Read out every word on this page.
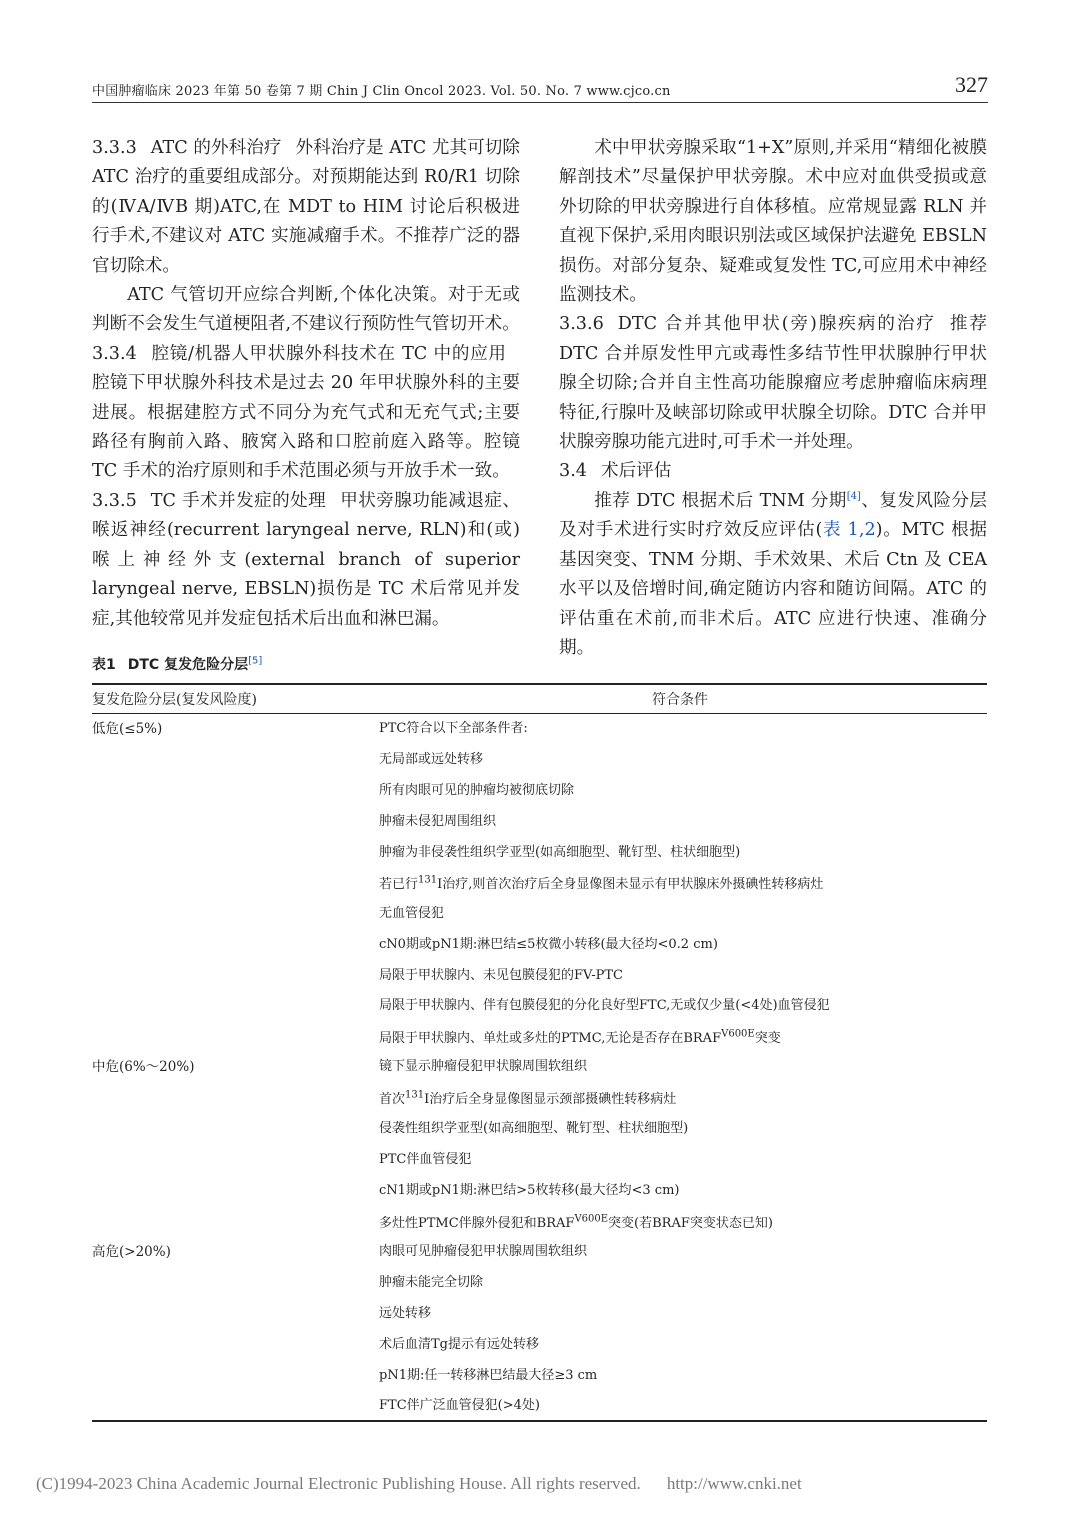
中国肿瘤临床 2023 年第 50 卷第 7 期 Chin J Clin Oncol 2023. Vol. 50. No. 7 www.cjco.cn	327

3.3.3 ATC 的外科治疗 外科治疗是 ATC 尤其可切除 ATC 治疗的重要组成部分。对预期能达到 R0/R1 切除的(ⅣA/ⅣB 期)ATC,在 MDT to HIM 讨论后积极进行手术,不建议对 ATC 实施减瘤手术。不推荐广泛的器官切除术。

ATC 气管切开应综合判断,个体化决策。对于无或判断不会发生气道梗阻者,不建议行预防性气管切开术。

3.3.4 腔镜/机器人甲状腺外科技术在 TC 中的应用腔镜下甲状腺外科技术是过去 20 年甲状腺外科的主要进展。根据建腔方式不同分为充气式和无充气式;主要路径有胸前入路、腋窝入路和口腔前庭入路等。腔镜 TC 手术的治疗原则和手术范围必须与开放手术一致。

3.3.5 TC 手术并发症的处理 甲状旁腺功能减退症、喉返神经(recurrent laryngeal nerve, RLN)和(或)喉上神经外支(external branch of superior laryngeal nerve, EBSLN)损伤是 TC 术后常见并发症,其他较常见并发症包括术后出血和淋巴漏。

术中甲状旁腺采取“1+X”原则,并采用“精细化被膜解剖技术”尽量保护甲状旁腺。术中应对血供受损或意外切除的甲状旁腺进行自体移植。应常规显露 RLN 并直视下保护,采用肉眼识别法或区域保护法避免 EBSLN 损伤。对部分复杂、疑难或复发性 TC,可应用术中神经监测技术。

3.3.6 DTC 合并其他甲状(旁)腺疾病的治疗 推荐 DTC 合并原发性甲亢或毒性多结节性甲状腺肿行甲状腺全切除;合并自主性高功能腺瘤应考虑肿瘤临床病理特征,行腺叶及峡部切除或甲状腺全切除。DTC 合并甲状腺旁腺功能亢进时,可手术一并处理。

3.4 术后评估

推荐 DTC 根据术后 TNM 分期[4]、复发风险分层及对手术进行实时疗效反应评估(表 1,2)。MTC 根据基因突变、TNM 分期、手术效果、术后 Ctn 及 CEA 水平以及倍增时间,确定随访内容和随访间隔。ATC 的评估重在术前,而非术后。ATC 应进行快速、准确分期。

表1 DTC 复发危险分层[5]
复发危险分层(复发风险度)	符合条件
低危(≤5%)
中危(6%～20%)
高危(>20%)
PTC符合以下全部条件者:
无局部或远处转移
所有肉眼可见的肿瘤均被彻底切除
肿瘤未侵犯周围组织
肿瘤为非侵袭性组织学亚型(如高细胞型、靴钉型、柱状细胞型)
若已行$^{131}$I治疗,则首次治疗后全身显像图未显示有甲状腺床外摄碘性转移病灶
无血管侵犯
cN0期或pN1期:淋巴结≤5枚微小转移(最大径均<0.2 cm)
局限于甲状腺内、未见包膜侵犯的FV-PTC
局限于甲状腺内、伴有包膜侵犯的分化良好型FTC,无或仅少量(<4处)血管侵犯
局限于甲状腺内、单灶或多灶的PTMC,无论是否存在$BRAF^{V600E}$突变
镜下显示肿瘤侵犯甲状腺周围软组织
首次$^{131}$I治疗后全身显像图显示颈部摄碘性转移病灶
侵袭性组织学亚型(如高细胞型、靴钉型、柱状细胞型)
PTC伴血管侵犯
cN1期或pN1期:淋巴结>5枚转移(最大径均<3 cm)
多灶性PTMC伴腺外侵犯和$BRAF^{V600E}$突变(若BRAF突变状态已知)
肉眼可见肿瘤侵犯甲状腺周围软组织
肿瘤未能完全切除
远处转移
术后血清Tg提示有远处转移
pN1期:任一转移淋巴结最大径≥3 cm
FTC伴广泛血管侵犯(>4处)
(C)1994-2023 China Academic Journal Electronic Publishing House. All rights reserved. http://www.cnki.net
